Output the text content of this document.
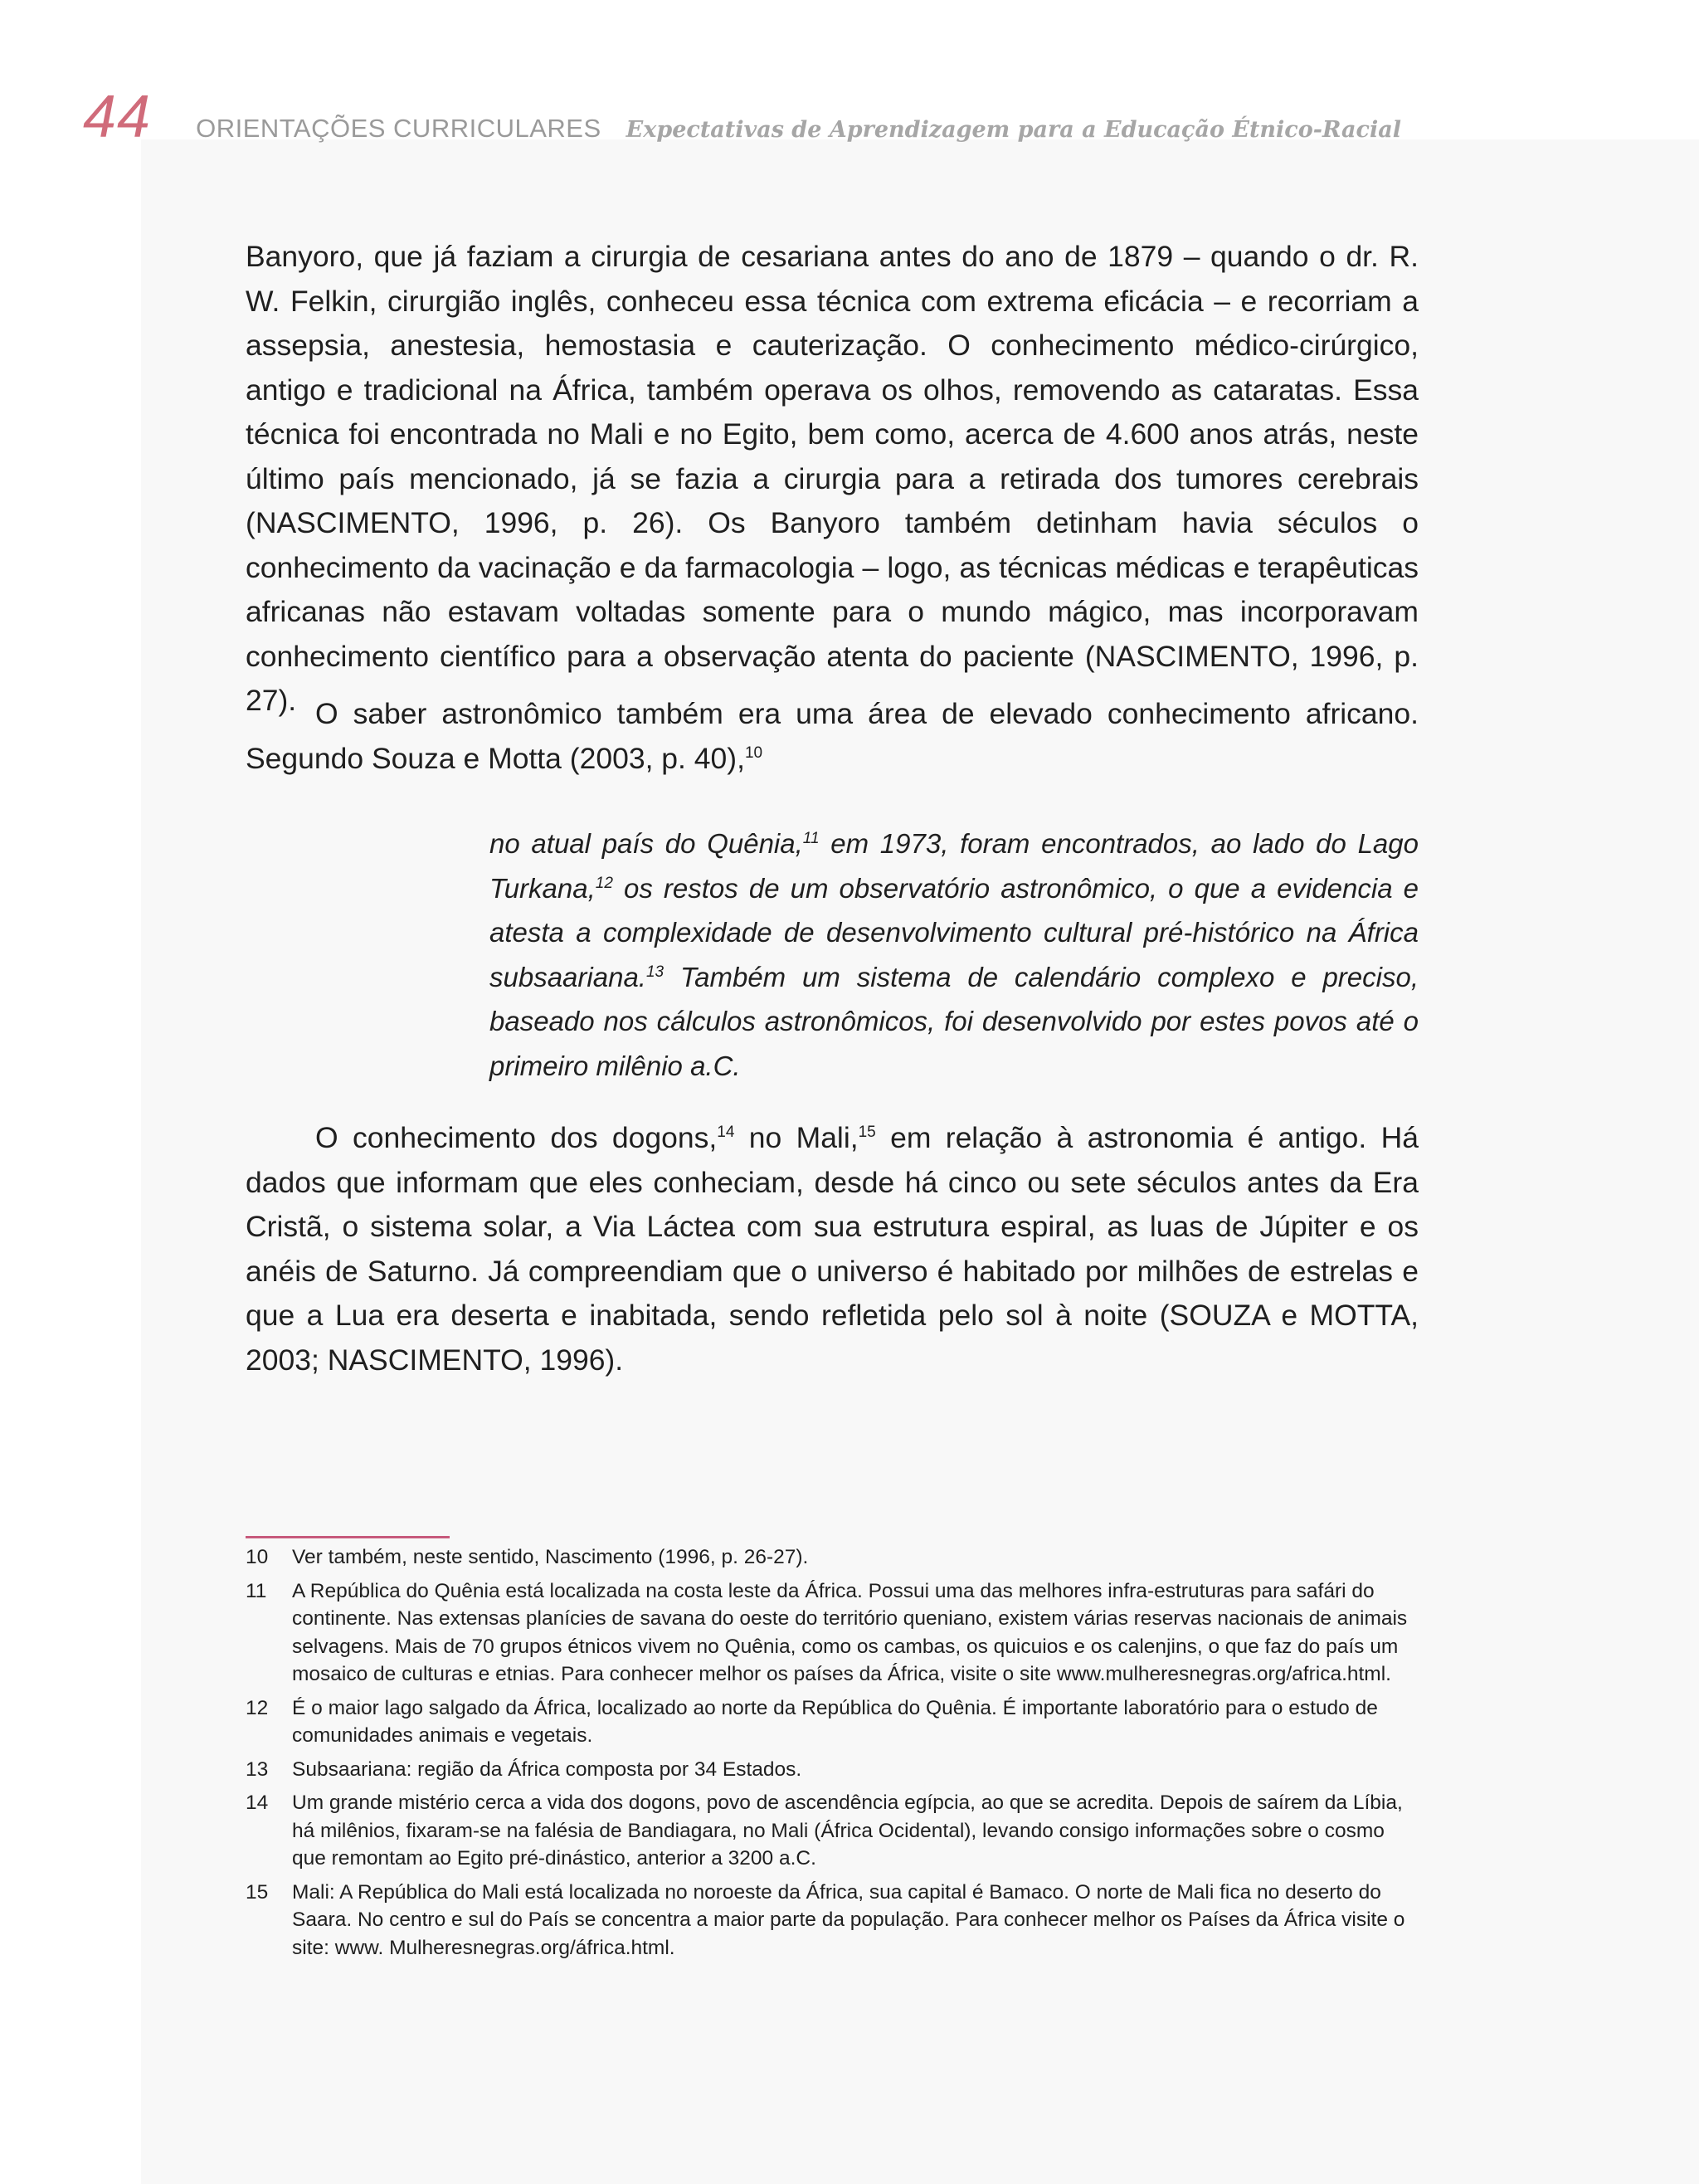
44 ORIENTAÇÕES CURRICULARES Expectativas de Aprendizagem para a Educação Étnico-Racial

Banyoro, que já faziam a cirurgia de cesariana antes do ano de 1879 – quando o dr. R. W. Felkin, cirurgião inglês, conheceu essa técnica com extrema eficácia – e recorriam a assepsia, anestesia, hemostasia e cauterização. O conhecimento médico-cirúrgico, antigo e tradicional na África, também operava os olhos, removendo as cataratas. Essa técnica foi encontrada no Mali e no Egito, bem como, acerca de 4.600 anos atrás, neste último país mencionado, já se fazia a cirurgia para a retirada dos tumores cerebrais (NASCIMENTO, 1996, p. 26). Os Banyoro também detinham havia séculos o conhecimento da vacinação e da farmacologia – logo, as técnicas médicas e terapêuticas africanas não estavam voltadas somente para o mundo mágico, mas incorporavam conhecimento científico para a observação atenta do paciente (NASCIMENTO, 1996, p. 27). O saber astronômico também era uma área de elevado conhecimento africano. Segundo Souza e Motta (2003, p. 40),$^{10}$

no atual país do Quênia,$^{11}$ em 1973, foram encontrados, ao lado do Lago Turkana,$^{12}$ os restos de um observatório astronômico, o que a evidencia e atesta a complexidade de desenvolvimento cultural pré-histórico na África subsaariana.$^{13}$ Também um sistema de calendário complexo e preciso, baseado nos cálculos astronômicos, foi desenvolvido por estes povos até o primeiro milênio a.C.

O conhecimento dos dogons,$^{14}$ no Mali,$^{15}$ em relação à astronomia é antigo. Há dados que informam que eles conheciam, desde há cinco ou sete séculos antes da Era Cristã, o sistema solar, a Via Láctea com sua estrutura espiral, as luas de Júpiter e os anéis de Saturno. Já compreendiam que o universo é habitado por milhões de estrelas e que a Lua era deserta e inabitada, sendo refletida pelo sol à noite (SOUZA e MOTTA, 2003; NASCIMENTO, 1996).

10 Ver também, neste sentido, Nascimento (1996, p. 26-27).
11 A República do Quênia está localizada na costa leste da África. Possui uma das melhores infra-estruturas para safári do continente. Nas extensas planícies de savana do oeste do território queniano, existem várias reservas nacionais de animais selvagens. Mais de 70 grupos étnicos vivem no Quênia, como os cambas, os quicuios e os calenjins, o que faz do país um mosaico de culturas e etnias. Para conhecer melhor os países da África, visite o site www.mulheresnegras.org/africa.html.
12 É o maior lago salgado da África, localizado ao norte da República do Quênia. É importante laboratório para o estudo de comunidades animais e vegetais.
13 Subsaariana: região da África composta por 34 Estados.
14 Um grande mistério cerca a vida dos dogons, povo de ascendência egípcia, ao que se acredita. Depois de saírem da Líbia, há milênios, fixaram-se na falésia de Bandiagara, no Mali (África Ocidental), levando consigo informações sobre o cosmo que remontam ao Egito pré-dinástico, anterior a 3200 a.C.
15 Mali: A República do Mali está localizada no noroeste da África, sua capital é Bamaco. O norte de Mali fica no deserto do Saara. No centro e sul do País se concentra a maior parte da população. Para conhecer melhor os Países da África visite o site: www. Mulheresnegras.org/áfrica.html.
